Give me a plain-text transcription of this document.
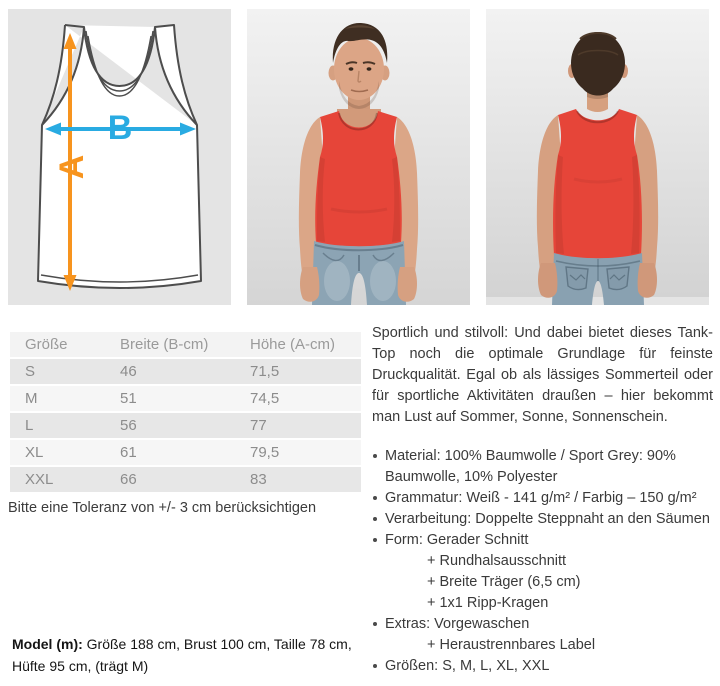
A
B
Größe	Breite (B-cm)	Höhe (A-cm)
S	46	71,5
M	51	74,5
L	56	77
XL	61	79,5
XXL	66	83

Bitte eine Toleranz von +/- 3 cm berücksichtigen

Sportlich und stilvoll: Und dabei bietet dieses Tank-Top noch die optimale Grundlage für feinste Druckqualität. Egal ob als lässiges Sommerteil oder für sportliche Aktivitäten draußen – hier bekommt man Lust auf Sommer, Sonne, Sonnenschein.

Material: 100% Baumwolle / Sport Grey: 90% Baumwolle, 10% Polyester
Grammatur: Weiß - 141 g/m² / Farbig – 150 g/m²
Verarbeitung: Doppelte Steppnaht an den Säumen
Form: Gerader Schnitt
+ Rundhalsausschnitt
+ Breite Träger (6,5 cm)
+ 1x1 Ripp-Kragen
Extras: Vorgewaschen
+ Heraustrennbares Label
Größen: S, M, L, XL, XXL

Model (m): Größe 188 cm, Brust 100 cm, Taille 78 cm, Hüfte 95 cm, (trägt M)
